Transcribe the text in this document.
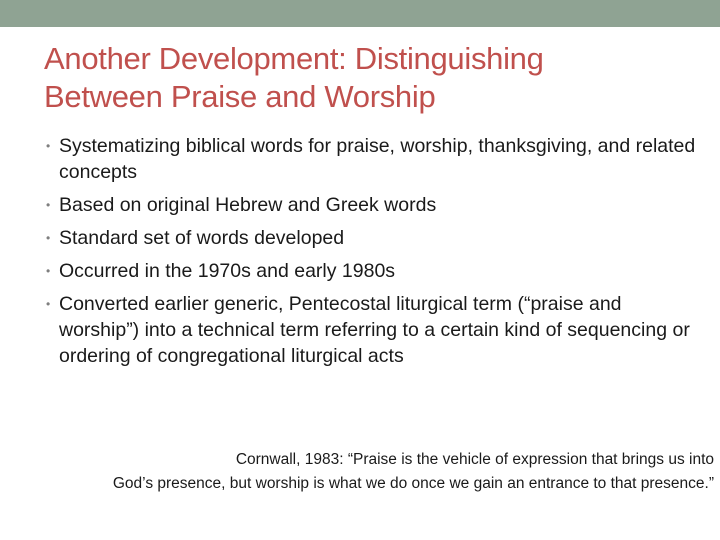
Another Development: Distinguishing
Between Praise and Worship
• Systematizing biblical words for praise, worship, thanksgiving, and related concepts
• Based on original Hebrew and Greek words
• Standard set of words developed
• Occurred in the 1970s and early 1980s
• Converted earlier generic, Pentecostal liturgical term (“praise and worship”) into a technical term referring to a certain kind of sequencing or ordering of congregational liturgical acts

Cornwall, 1983: “Praise is the vehicle of expression that brings us into
God’s presence, but worship is what we do once we gain an entrance to that presence.”
